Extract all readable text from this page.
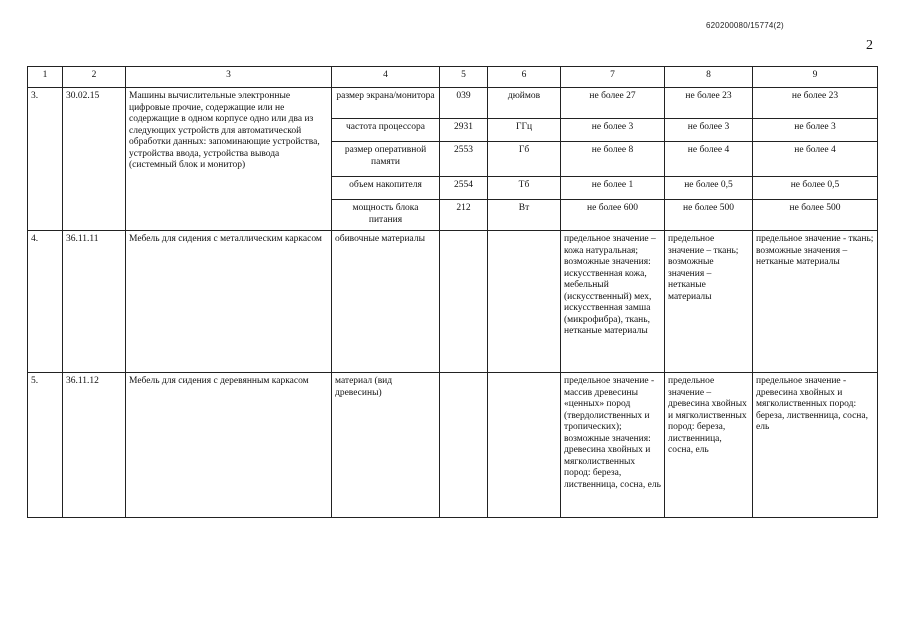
620200080/15774(2)
2
1	2	3	4	5	6	7	8	9
3.	30.02.15	Машины вычислительные электронные цифровые прочие, содержащие или не содержащие в одном корпусе одно или два из следующих устройств для автоматической обработки данных: запоминающие устройства, устройства ввода, устройства вывода (системный блок и монитор)	размер экрана/монитора	039	дюймов	не более 27	не более 23	не более 23
			частота процессора	2931	ГГц	не более 3	не более 3	не более 3
			размер оперативной памяти	2553	Гб	не более 8	не более 4	не более 4
			объем накопителя	2554	Тб	не более 1	не более 0,5	не более 0,5
			мощность блока питания	212	Вт	не более 600	не более 500	не более 500
4.	36.11.11	Мебель для сидения с металлическим каркасом	обивочные материалы			предельное значение – кожа натуральная; возможные значения: искусственная кожа, мебельный (искусственный) мех, искусственная замша (микрофибра), ткань, нетканые материалы	предельное значение – ткань; возможные значения – нетканые материалы	предельное значение - ткань; возможные значения – нетканые материалы
5.	36.11.12	Мебель для сидения с деревянным каркасом	материал (вид древесины)			предельное значение - массив древесины «ценных» пород (твердолиственных и тропических); возможные значения: древесина хвойных и мягколиственных пород: береза, лиственница, сосна, ель	предельное значение – древесина хвойных и мягколиственных пород: береза, лиственница, сосна, ель	предельное значение - древесина хвойных и мягколиственных пород: береза, лиственница, сосна, ель
